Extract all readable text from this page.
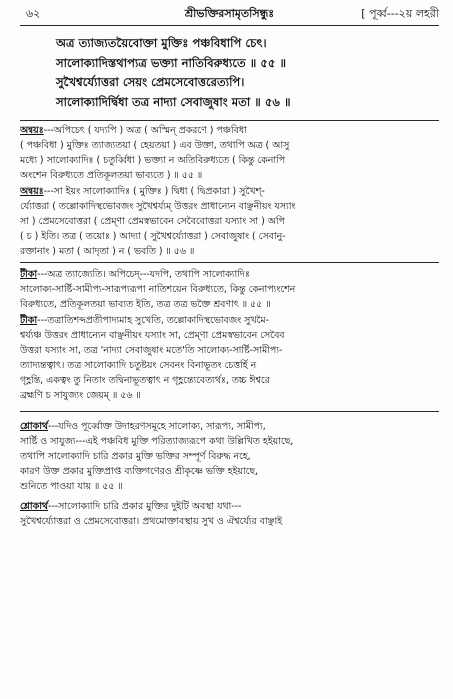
৬২	শ্রীভক্তিরসামৃতসিন্ধুঃ	[ পূর্ব্ব---২য় লহরী
অত্র ত্যাজ্যতয়ৈবোক্তা মুক্তিঃ পঞ্চবিধাপি চেৎ।
সালোক্যাদিস্তথাপ্যত্র ভক্ত্যা নাতিবিরুধ্যতে ॥ ৫৫ ॥
সুখৈশ্বর্য্যোত্তরা সেয়ং প্রেমসেবোত্তরেত্যপি।
সালোক্যাদির্দ্বিধা তত্র নাদ্যা সেবাজুষাং মতা ॥ ৫৬ ॥
অন্বয়ঃ---অপিচেৎ ( যদ্যপি ) অত্র ( অস্মিন্ প্রকরণে ) পঞ্চবিধা
( পঞ্চবিধা ) মুক্তিঃ ত্যাজ্যতয়া ( হেয়তয়া ) এব উক্তা, তথাপি অত্র ( আসু
মধ্যে ) সালোক্যাদিঃ ( চতুর্ব্বিধা ) ভক্ত্যা ন অতিবিরুধ্যতে ( কিন্তু কেনাপি
অংশেন বিরুধ্যতে প্রতিকূলতয়া ভাব্যতে ) ॥ ৫৫ ॥
অন্বয়ঃ---সা ইয়ং সালোক্যাদিঃ ( মুক্তিঃ ) দ্বিধা ( দ্বিপ্রকারা ) সুখৈশ্-
র্য্যোত্তরা ( তল্লোকাদিস্থভোবজং সুখৈশ্বর্য্যম্ উত্তরং প্রাধান্যেন বাঞ্ছনীয়ং যস্যাং
সা ) প্রেমসেবোত্তরা ( প্রেম্ণা প্রেমস্বভাবেন সেবৈবোত্তরা যস্যাং সা ) অপি
( চ ) ইতি। তত্র ( তয়োঃ ) আদ্যা ( সুখৈশ্বর্য্যোত্তরা ) সেবাজুষাং ( সেবানু-
রক্তানাং ) মতা ( আদৃতা ) ন ( ভবতি ) ॥ ৫৬ ॥
টীকা---অত্র ত্যাজ্যেতি। অপিচেদ্---যদপি, তথাপি সালোক্যাদিঃ
সালোক্য-সার্ষ্টি-সামীপ্য-সারূপ্যরূপা নাতিশয়েন বিরুধ্যতে, কিন্তু কেনাপ্যংশেন
বিরুধ্যতে, প্রতিকূলতয়া ভাব্যত ইতি, তত্র তত্র ভক্তৈ শ্রবণাৎ ॥ ৫৫ ॥
টীকা---তত্রাতিশব্দপ্রতীপাদ্যমাহ সুখেতি, তল্লোকাদিস্থভোবজং সুখমৈ-
শ্বর্য্যঞ্চ উত্তরং প্রাধান্যেন বাঞ্ছনীয়ং যস্যাং সা, প্রেম্ণা প্রেমস্বভাবেন সেবৈব
উত্তরা যস্যাং সা, তত্র 'নাদ্যা সেবাজুষাং মতে'তি সালোক্য-সার্ষ্টি-সামীপ্য-
ত্যাদ্যন্তত্বাৎ। তত্র সালোক্যাদি চতুষ্টয়ং সেবনং বিনাভূতং চেত্তর্হি ন
গৃহ্ণন্তি, একত্বং তু নিতাং তদ্বিনাভূতত্বাৎ ন গৃহ্ণন্ত্যেবেত্যর্থঃ, তচ্চ ঈশ্বরে
ব্রহ্মণি চ সাযুজ্যং জেয়ম্ ॥ ৫৬ ॥
শ্লোকার্থ---যদিও পূর্ব্বোক্ত উদাহরণসমূহে সালোক্য, সারূপ্য, সামীপ্য,
সার্ষ্টি ও সাযুজ্য---এই পঞ্চবিধ মুক্তি পরিত্যাজ্যরূপে কথা উল্লিখিত হইয়াছে,
তথাপি সালোক্যাদি চারি প্রকার মুক্তি ভক্তির সম্পূর্ণ বিরুদ্ধ নহে,
কারণ উক্ত প্রকার মুক্তিপ্রাপ্ত ব্যক্তিগণেরও শ্রীকৃষ্ণে ভক্তি হইয়াছে,
শুনিতে পাওয়া যায় ॥ ৫৫ ॥
শ্লোকার্থ---সালোক্যাদি চারি প্রকার মুক্তির দুইটি অবস্থা যথা---
সুখৈশ্বর্য্যোত্তরা ও প্রেমসেবোত্তরা। প্রথমোক্তাবস্থায় সুখ ও ঐশ্বর্য্যের বাঞ্ছাই
